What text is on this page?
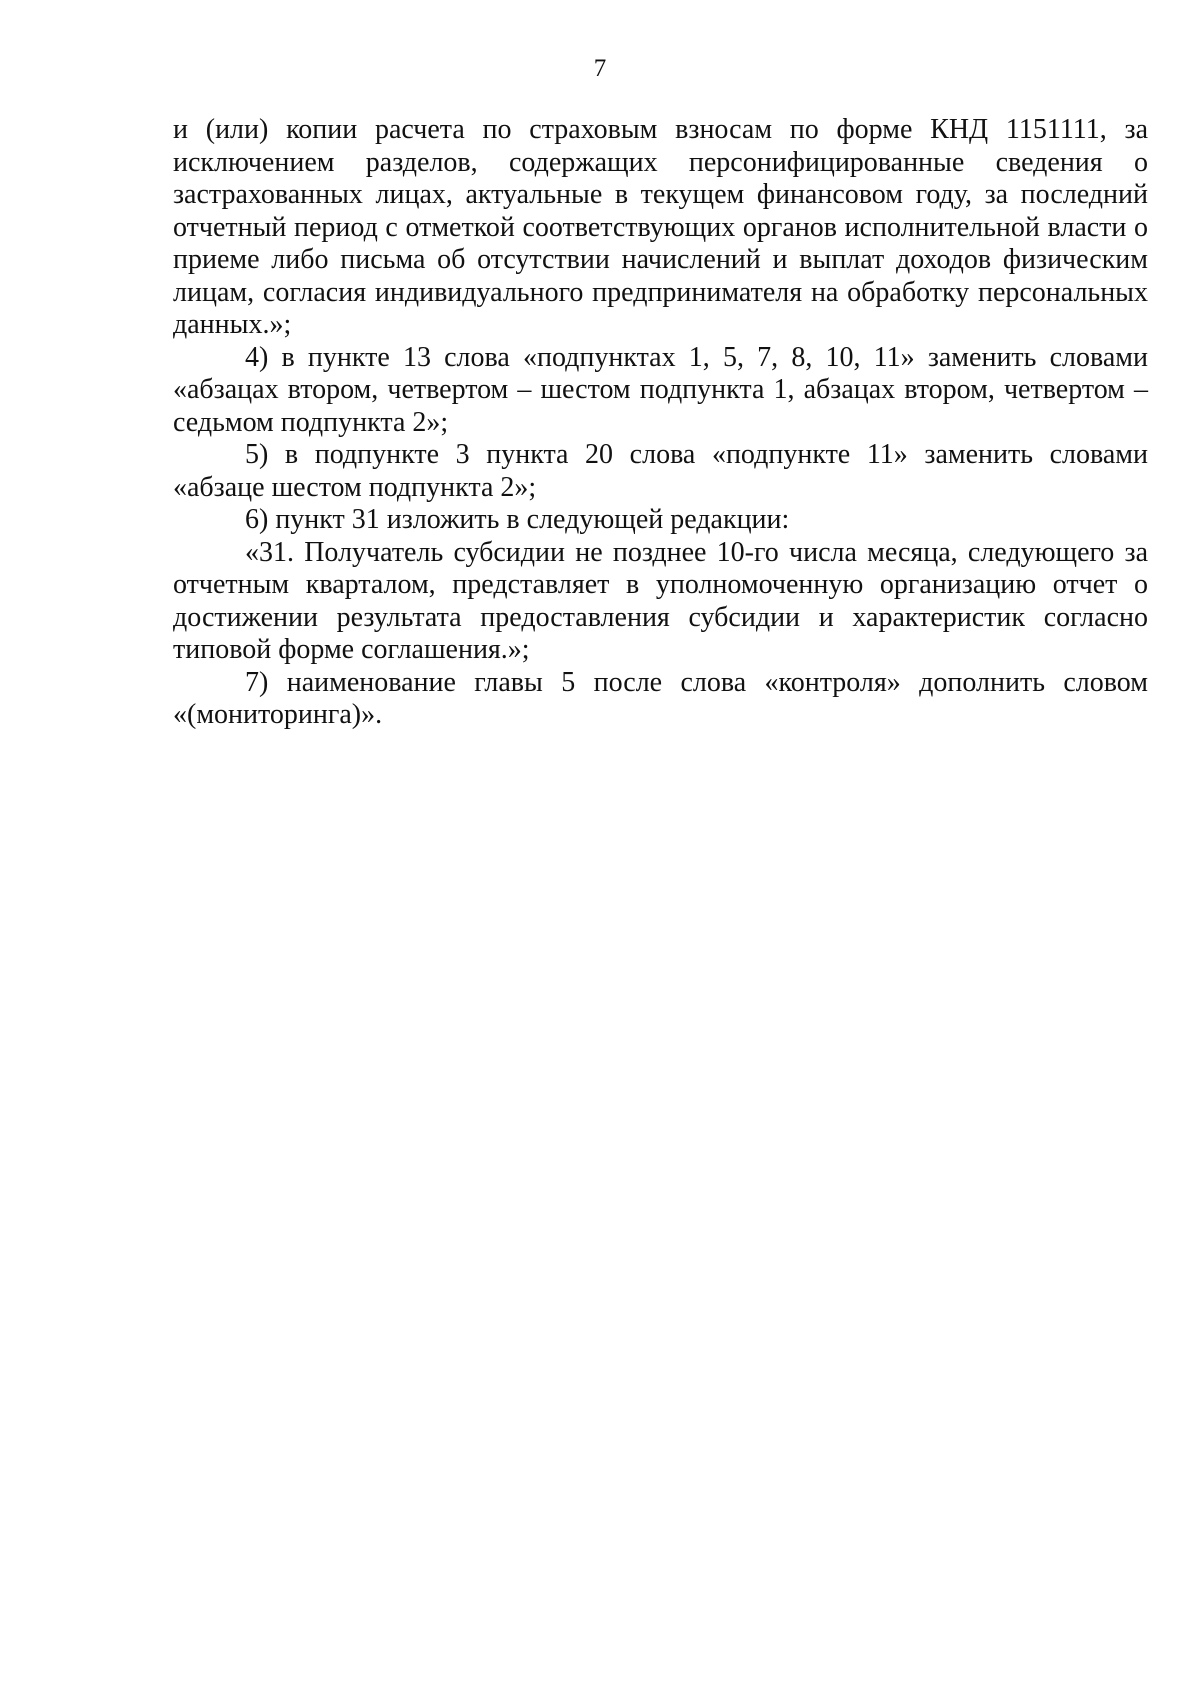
7

и (или) копии расчета по страховым взносам по форме КНД 1151111, за исключением разделов, содержащих персонифицированные сведения о застрахованных лицах, актуальные в текущем финансовом году, за последний отчетный период с отметкой соответствующих органов исполнительной власти о приеме либо письма об отсутствии начислений и выплат доходов физическим лицам, согласия индивидуального предпринимателя на обработку персональных данных.»;

4) в пункте 13 слова «подпунктах 1, 5, 7, 8, 10, 11» заменить словами «абзацах втором, четвертом – шестом подпункта 1, абзацах втором, четвертом – седьмом подпункта 2»;

5) в подпункте 3 пункта 20 слова «подпункте 11» заменить словами «абзаце шестом подпункта 2»;

6) пункт 31 изложить в следующей редакции:

«31. Получатель субсидии не позднее 10-го числа месяца, следующего за отчетным кварталом, представляет в уполномоченную организацию отчет о достижении результата предоставления субсидии и характеристик согласно типовой форме соглашения.»;

7) наименование главы 5 после слова «контроля» дополнить словом «(мониторинга)».
